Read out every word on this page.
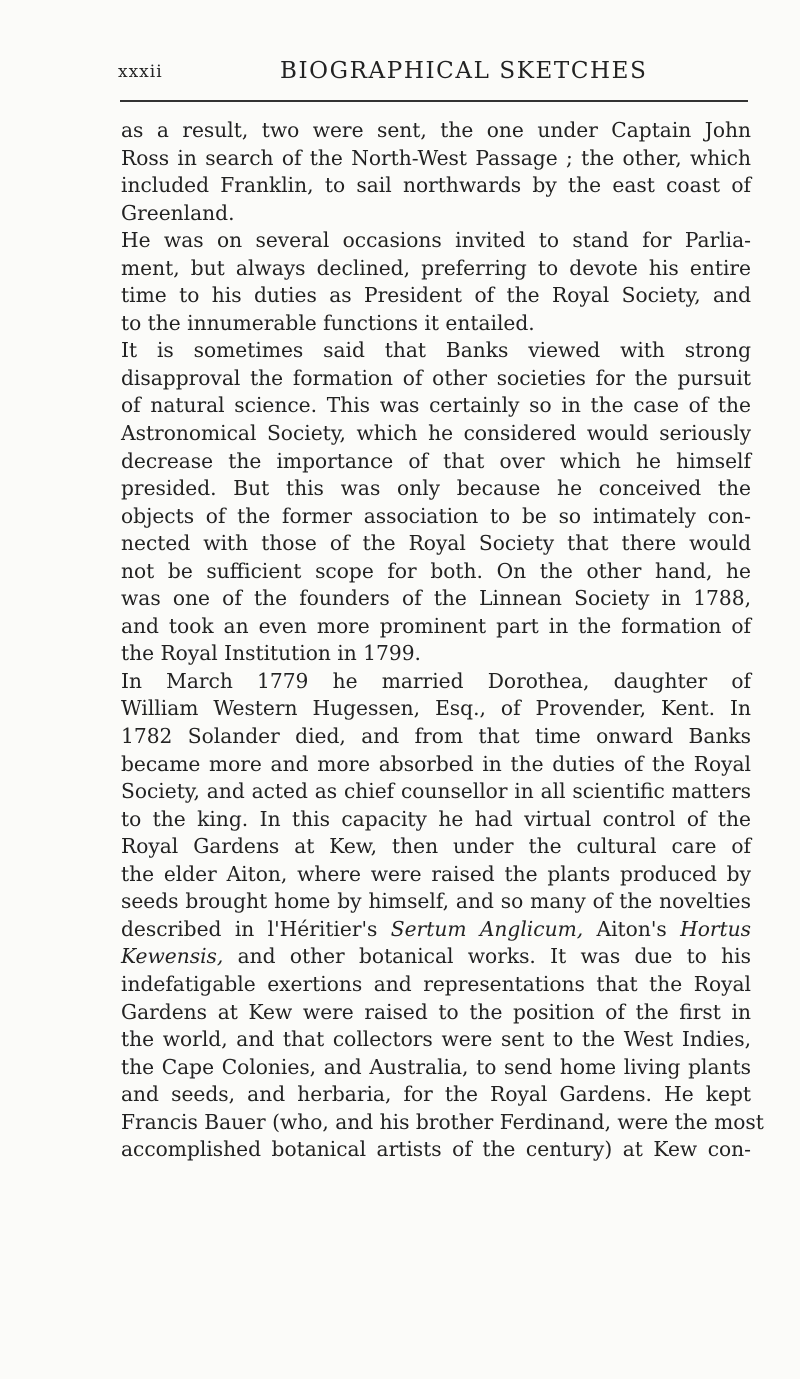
xxxii	BIOGRAPHICAL SKETCHES
as a result, two were sent, the one under Captain John
Ross in search of the North-West Passage ; the other, which
included Franklin, to sail northwards by the east coast of
Greenland.
He was on several occasions invited to stand for Parlia-
ment, but always declined, preferring to devote his entire
time to his duties as President of the Royal Society, and
to the innumerable functions it entailed.
It is sometimes said that Banks viewed with strong
disapproval the formation of other societies for the pursuit
of natural science. This was certainly so in the case of the
Astronomical Society, which he considered would seriously
decrease the importance of that over which he himself
presided. But this was only because he conceived the
objects of the former association to be so intimately con-
nected with those of the Royal Society that there would
not be sufficient scope for both. On the other hand, he
was one of the founders of the Linnean Society in 1788,
and took an even more prominent part in the formation of
the Royal Institution in 1799.
In March 1779 he married Dorothea, daughter of
William Western Hugessen, Esq., of Provender, Kent. In
1782 Solander died, and from that time onward Banks
became more and more absorbed in the duties of the Royal
Society, and acted as chief counsellor in all scientific matters
to the king. In this capacity he had virtual control of the
Royal Gardens at Kew, then under the cultural care of
the elder Aiton, where were raised the plants produced by
seeds brought home by himself, and so many of the novelties
described in l'Héritier's Sertum Anglicum, Aiton's Hortus
Kewensis, and other botanical works. It was due to his
indefatigable exertions and representations that the Royal
Gardens at Kew were raised to the position of the first in
the world, and that collectors were sent to the West Indies,
the Cape Colonies, and Australia, to send home living plants
and seeds, and herbaria, for the Royal Gardens. He kept
Francis Bauer (who, and his brother Ferdinand, were the most
accomplished botanical artists of the century) at Kew con-
